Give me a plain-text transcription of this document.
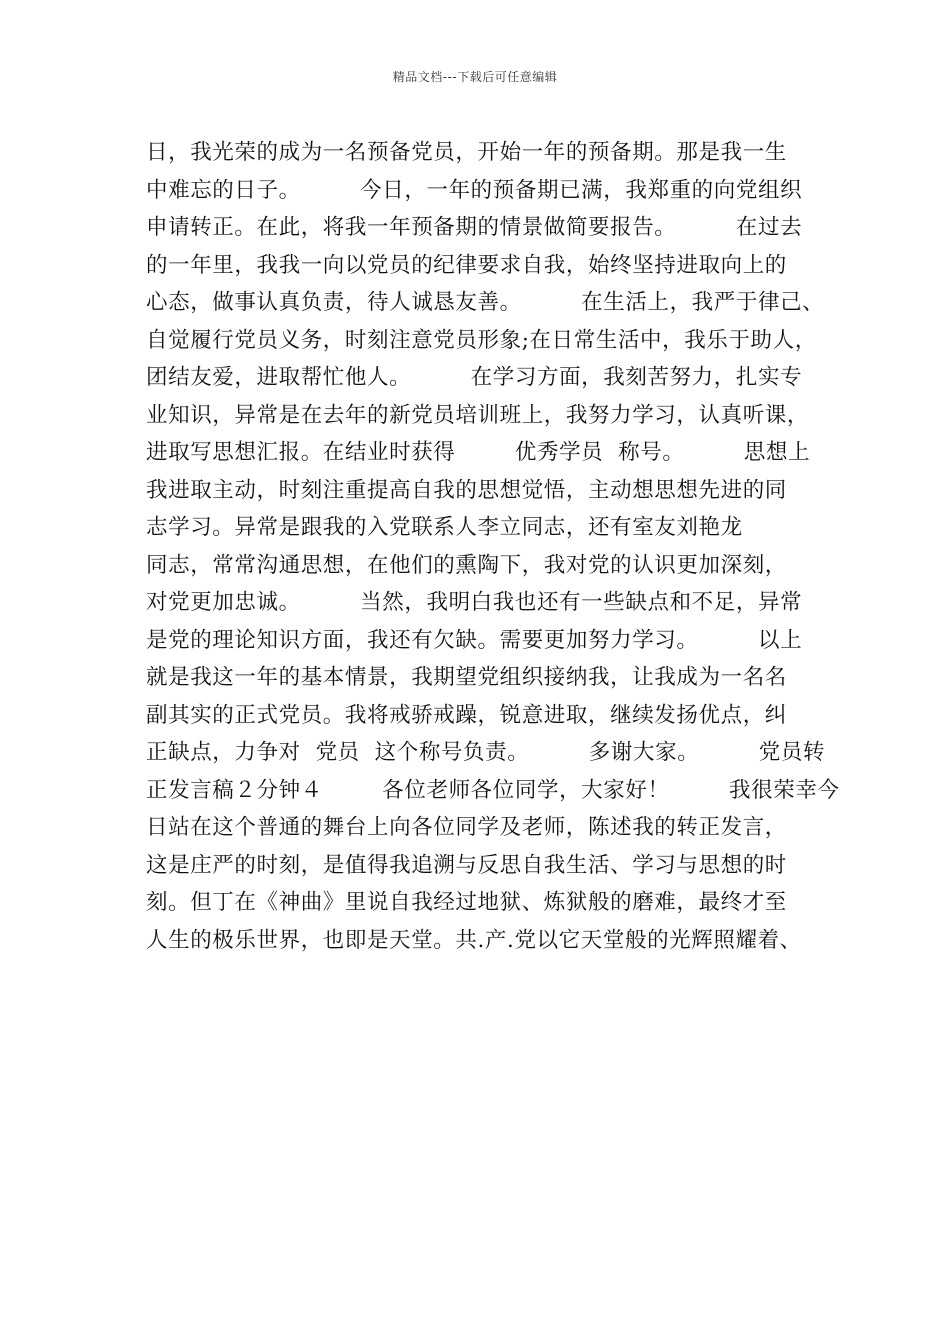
精品文档---下载后可任意编辑
日，我光荣的成为一名预备党员，开始一年的预备期。那是我一生
中难忘的日子。        今日，一年的预备期已满，我郑重的向党组织
申请转正。在此，将我一年预备期的情景做简要报告。        在过去
的一年里，我我一向以党员的纪律要求自我，始终坚持进取向上的
心态，做事认真负责，待人诚恳友善。        在生活上，我严于律己、
自觉履行党员义务，时刻注意党员形象;在日常生活中，我乐于助人，
团结友爱，进取帮忙他人。        在学习方面，我刻苦努力，扎实专
业知识，异常是在去年的新党员培训班上，我努力学习，认真听课，
进取写思想汇报。在结业时获得        优秀学员  称号。        思想上
我进取主动，时刻注重提高自我的思想觉悟，主动想思想先进的同
志学习。异常是跟我的入党联系人李立同志，还有室友刘艳龙
同志，常常沟通思想，在他们的熏陶下，我对党的认识更加深刻，
对党更加忠诚。        当然，我明白我也还有一些缺点和不足，异常
是党的理论知识方面，我还有欠缺。需要更加努力学习。        以上
就是我这一年的基本情景，我期望党组织接纳我，让我成为一名名
副其实的正式党员。我将戒骄戒躁，锐意进取，继续发扬优点，纠
正缺点，力争对  党员  这个称号负责。        多谢大家。        党员转
正发言稿２分钟４        各位老师各位同学，大家好！        我很荣幸今
日站在这个普通的舞台上向各位同学及老师，陈述我的转正发言，
这是庄严的时刻，是值得我追溯与反思自我生活、学习与思想的时
刻。但丁在《神曲》里说自我经过地狱、炼狱般的磨难，最终才至
人生的极乐世界，也即是天堂。共.产.党以它天堂般的光辉照耀着、
